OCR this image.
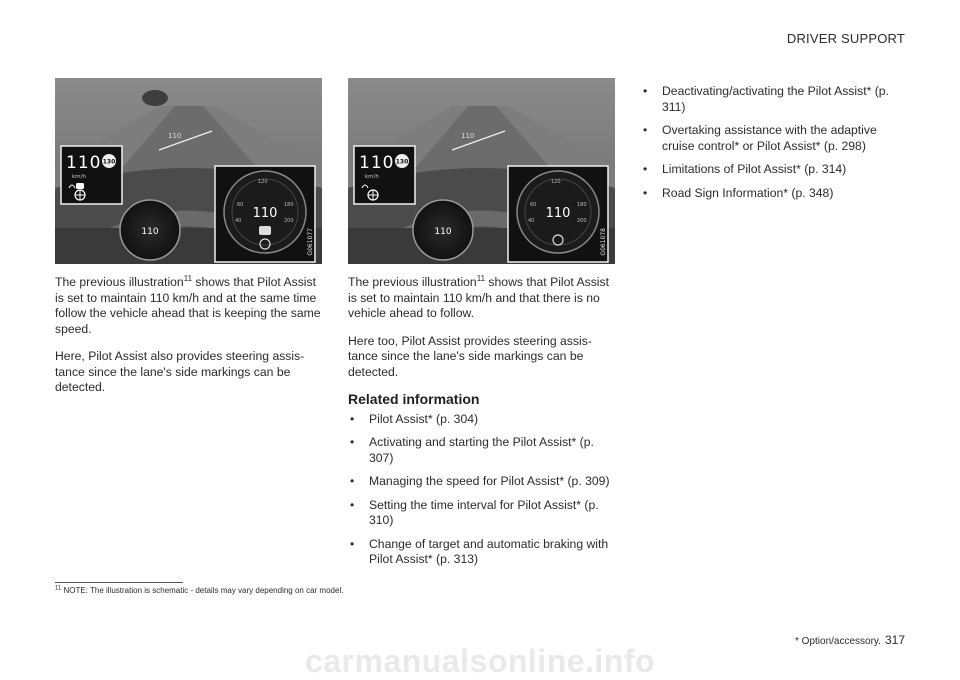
DRIVER SUPPORT
110
110
110 130
km/h
60
40
180
200
120
110
G061077

The previous illustration$^{11}$ shows that Pilot Assist is set to maintain 110 km/h and at the same time follow the vehicle ahead that is keeping the same speed.

Here, Pilot Assist also provides steering assis-tance since the lane's side markings can be detected.

110
110
110 130
km/h
60
40
180
200
120
110
G061078

The previous illustration$^{11}$ shows that Pilot Assist is set to maintain 110 km/h and that there is no vehicle ahead to follow.

Here too, Pilot Assist provides steering assis-tance since the lane's side markings can be detected.

Related information
• Pilot Assist* (p. 304)
• Activating and starting the Pilot Assist* (p. 307)
• Managing the speed for Pilot Assist* (p. 309)
• Setting the time interval for Pilot Assist* (p. 310)
• Change of target and automatic braking with Pilot Assist* (p. 313)
• Deactivating/activating the Pilot Assist* (p. 311)
• Overtaking assistance with the adaptive cruise control* or Pilot Assist* (p. 298)
• Limitations of Pilot Assist* (p. 314)
• Road Sign Information* (p. 348)
$^{11}$ NOTE: The illustration is schematic - details may vary depending on car model.
* Option/accessory. 317
carmanualsonline.info
